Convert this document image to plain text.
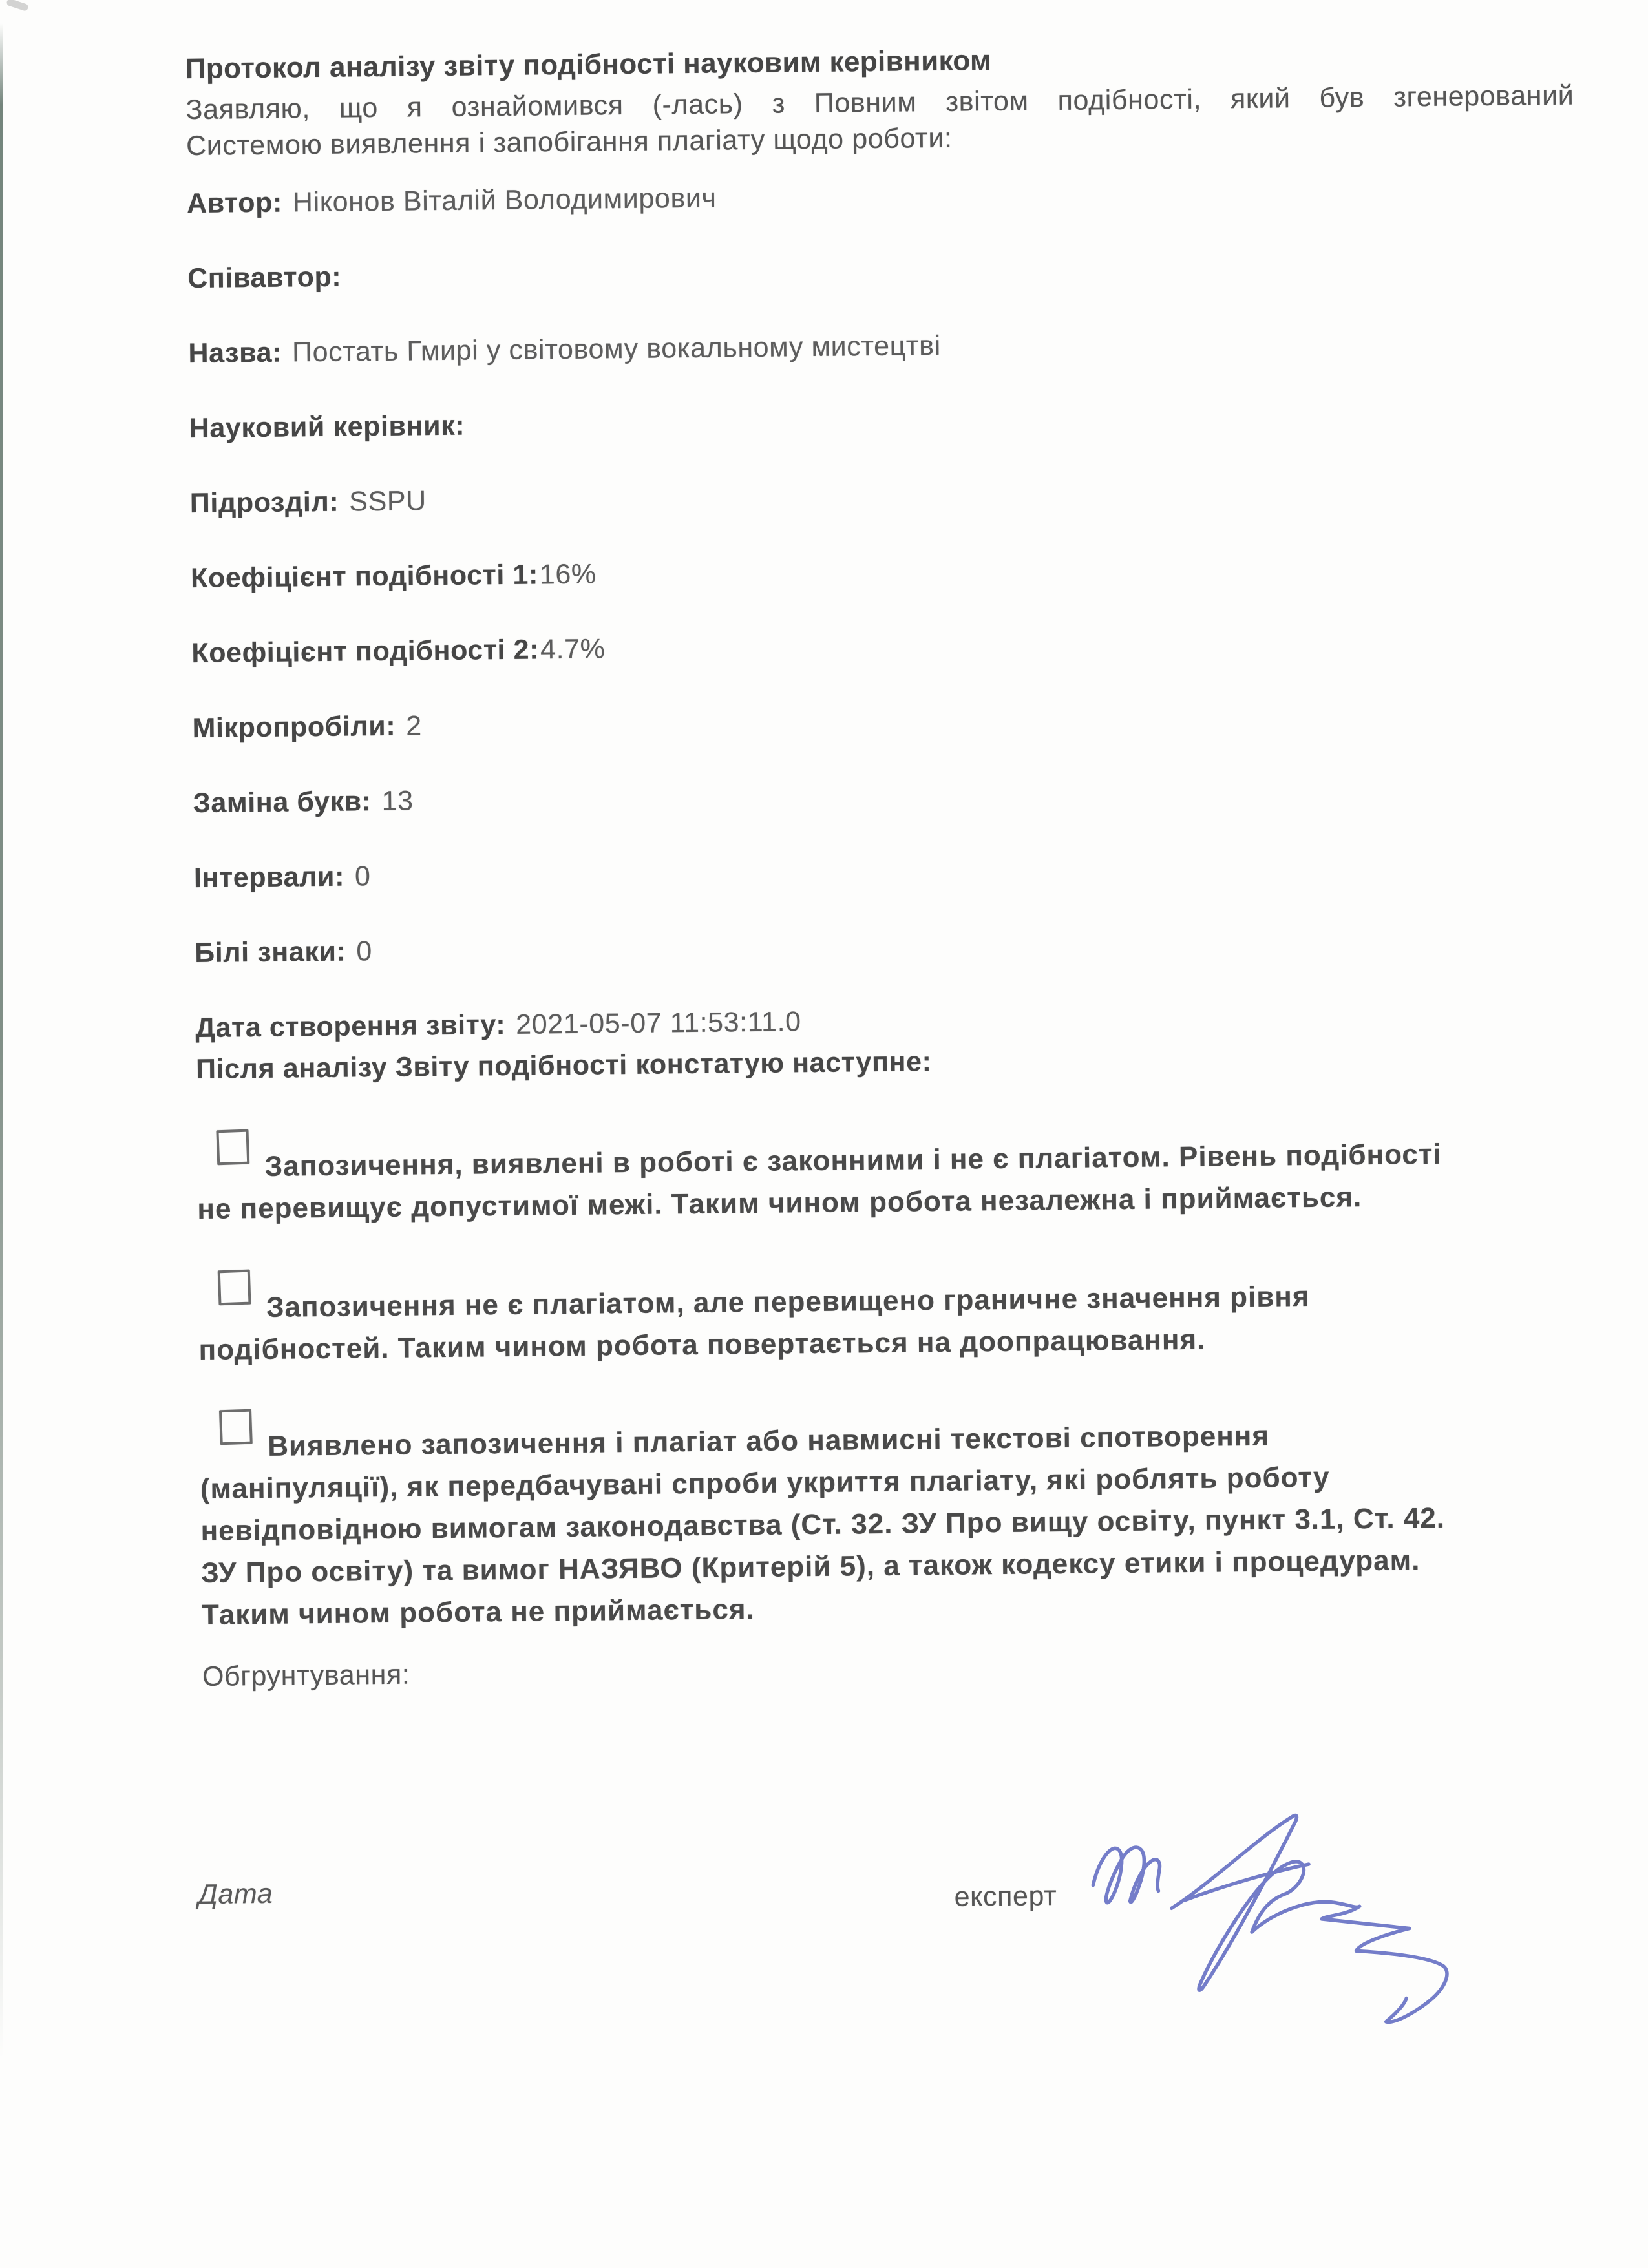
Протокол аналізу звіту подібності науковим керівником
Заявляю, що я ознайомився (-лась) з Повним звітом подібності, який був згенерований
Системою виявлення і запобігання плагіату щодо роботи:
Автор: Ніконов Віталій Володимирович
Співавтор:
Назва: Постать Гмирі у світовому вокальному мистецтві
Науковий керівник:
Підрозділ: SSPU
Коефіцієнт подібності 1:16%
Коефіцієнт подібності 2:4.7%
Мікропробіли: 2
Заміна букв: 13
Інтервали: 0
Білі знаки: 0
Дата створення звіту: 2021-05-07 11:53:11.0
Після аналізу Звіту подібності констатую наступне:
Запозичення, виявлені в роботі є законними і не є плагіатом. Рівень подібності
не перевищує допустимої межі. Таким чином робота незалежна і приймається.
Запозичення не є плагіатом, але перевищено граничне значення рівня
подібностей. Таким чином робота повертається на доопрацювання.
Виявлено запозичення і плагіат або навмисні текстові спотворення
(маніпуляції), як передбачувані спроби укриття плагіату, які роблять роботу
невідповідною вимогам законодавства (Ст. 32. ЗУ Про вищу освіту, пункт 3.1, Ст. 42.
ЗУ Про освіту) та вимог НАЗЯВО (Критерій 5), а також кодексу етики і процедурам.
Таким чином робота не приймається.
Обгрунтування:
Дата	експерт
